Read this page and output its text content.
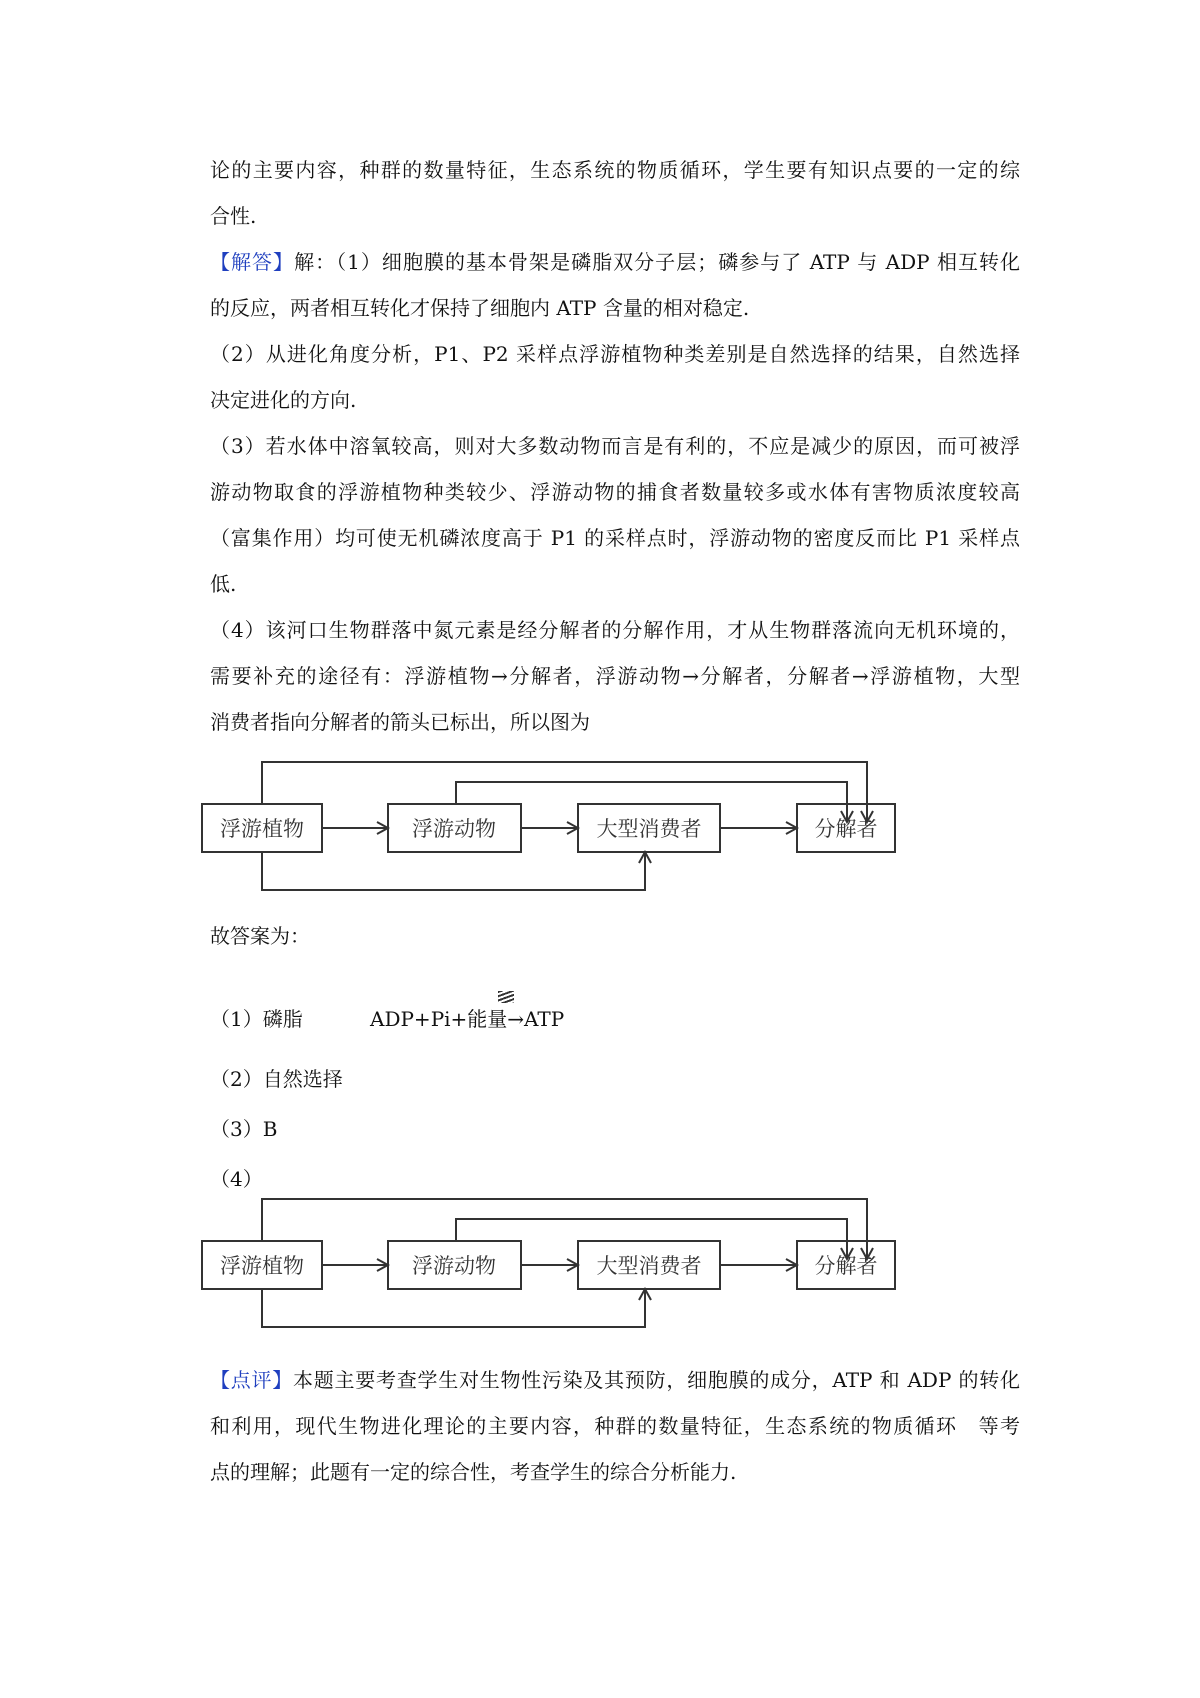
论的主要内容，种群的数量特征，生态系统的物质循环，学生要有知识点要的一定的综
合性.
【解答】解：（1）细胞膜的基本骨架是磷脂双分子层；磷参与了 ATP 与 ADP 相互转化
的反应，两者相互转化才保持了细胞内 ATP 含量的相对稳定.
（2）从进化角度分析，P1、P2 采样点浮游植物种类差别是自然选择的结果，自然选择
决定进化的方向.
（3）若水体中溶氧较高，则对大多数动物而言是有利的，不应是减少的原因，而可被浮
游动物取食的浮游植物种类较少、浮游动物的捕食者数量较多或水体有害物质浓度较高
（富集作用）均可使无机磷浓度高于 P1 的采样点时，浮游动物的密度反而比 P1 采样点
低.
（4）该河口生物群落中氮元素是经分解者的分解作用，才从生物群落流向无机环境的，
需要补充的途径有：浮游植物→分解者，浮游动物→分解者，分解者→浮游植物，大型
消费者指向分解者的箭头已标出，所以图为
浮游植物	浮游动物	大型消费者	分解者
故答案为：
（1）磷脂	ADP+Pi+能量→ATP
（2）自然选择
（3）B
（4）
浮游植物	浮游动物	大型消费者	分解者
【点评】本题主要考查学生对生物性污染及其预防，细胞膜的成分，ATP 和 ADP 的转化
和利用，现代生物进化理论的主要内容，种群的数量特征，生态系统的物质循环　等考
点的理解；此题有一定的综合性，考查学生的综合分析能力.
